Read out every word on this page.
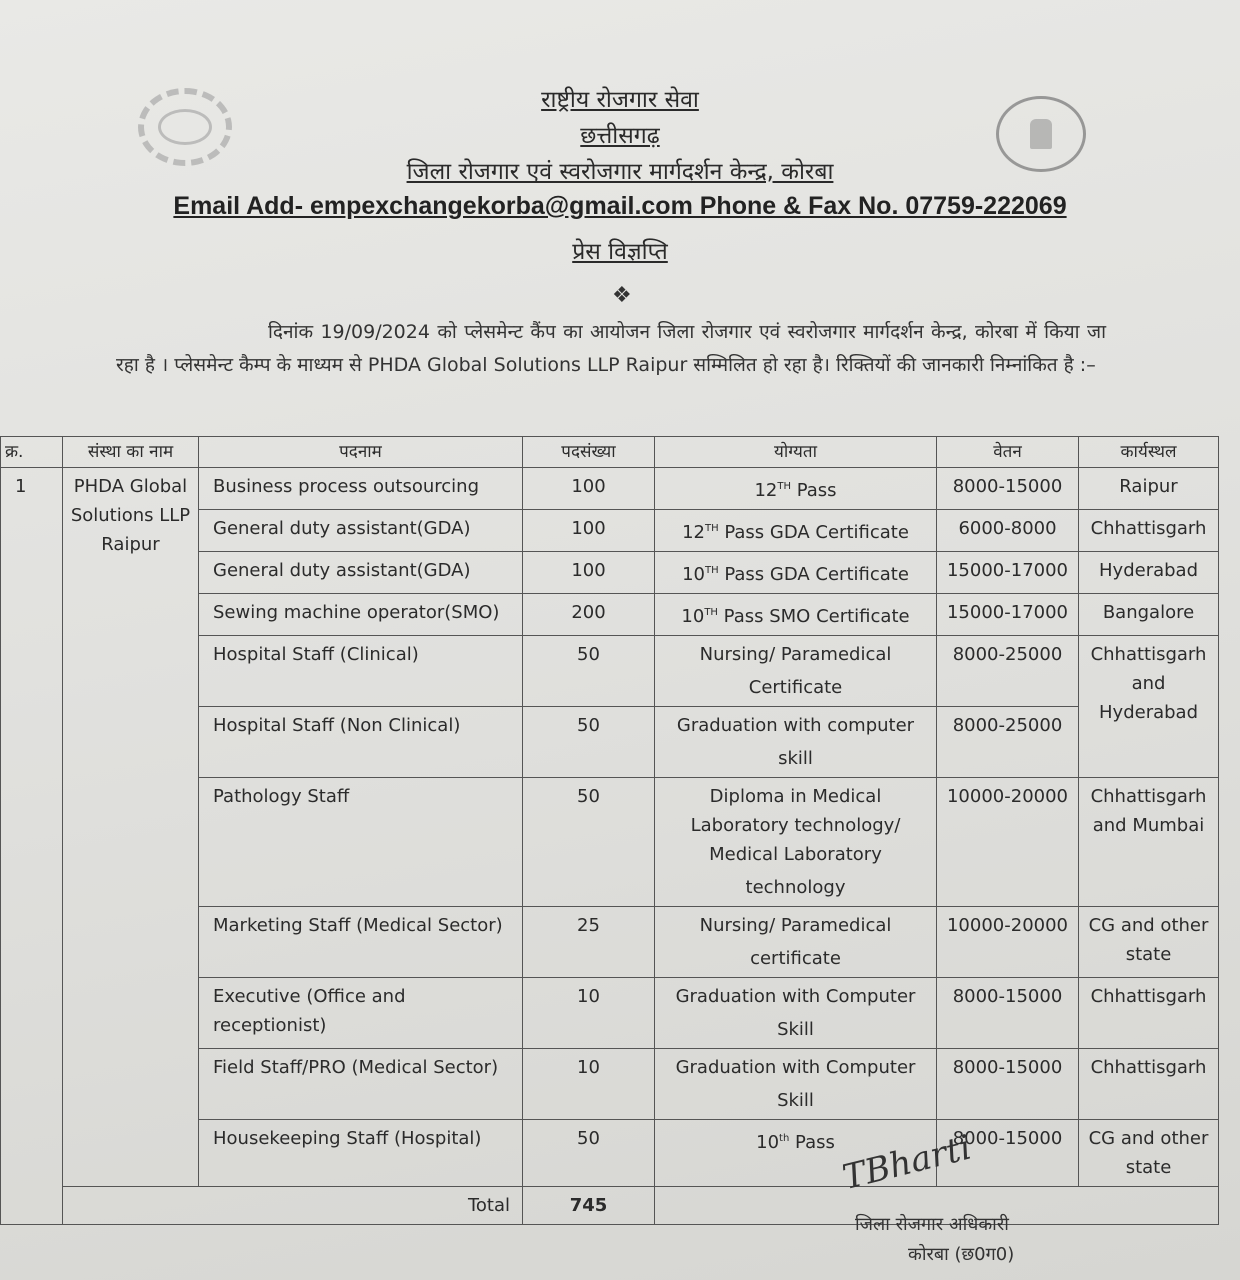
राष्ट्रीय रोजगार सेवा
छत्तीसगढ़
जिला रोजगार एवं स्वरोजगार मार्गदर्शन केन्द्र, कोरबा
Email Add- empexchangekorba@gmail.com Phone & Fax No. 07759-222069
प्रेस विज्ञप्ति
❖
दिनांक 19/09/2024 को प्लेसमेन्ट कैंप का आयोजन जिला रोजगार एवं स्वरोजगार मार्गदर्शन केन्द्र, कोरबा में किया जा रहा है । प्लेसमेन्ट कैम्प के माध्यम से PHDA Global Solutions LLP Raipur सम्मिलित हो रहा है। रिक्तियों की जानकारी निम्नांकित है :–
क्र.	संस्था का नाम	पदनाम	पदसंख्या	योग्यता	वेतन	कार्यस्थल
1	PHDA Global Solutions LLP Raipur	Business process outsourcing	100	12TH Pass	8000-15000	Raipur
		General duty assistant(GDA)	100	12TH Pass GDA Certificate	6000-8000	Chhattisgarh
		General duty assistant(GDA)	100	10TH Pass GDA Certificate	15000-17000	Hyderabad
		Sewing machine operator(SMO)	200	10TH Pass SMO Certificate	15000-17000	Bangalore
		Hospital Staff (Clinical)	50	Nursing/ Paramedical Certificate	8000-25000	Chhattisgarh and Hyderabad
		Hospital Staff (Non Clinical)	50	Graduation with computer skill	8000-25000	
		Pathology Staff	50	Diploma in Medical Laboratory technology/ Medical Laboratory technology	10000-20000	Chhattisgarh and Mumbai
		Marketing Staff (Medical Sector)	25	Nursing/ Paramedical certificate	10000-20000	CG and other state
		Executive (Office and receptionist)	10	Graduation with Computer Skill	8000-15000	Chhattisgarh
		Field Staff/PRO (Medical Sector)	10	Graduation with Computer Skill	8000-15000	Chhattisgarh
		Housekeeping Staff (Hospital)	50	10th Pass	8000-15000	CG and other state
	Total		745			
TBharti
जिला रोजगार अधिकारी
कोरबा (छ0ग0)
